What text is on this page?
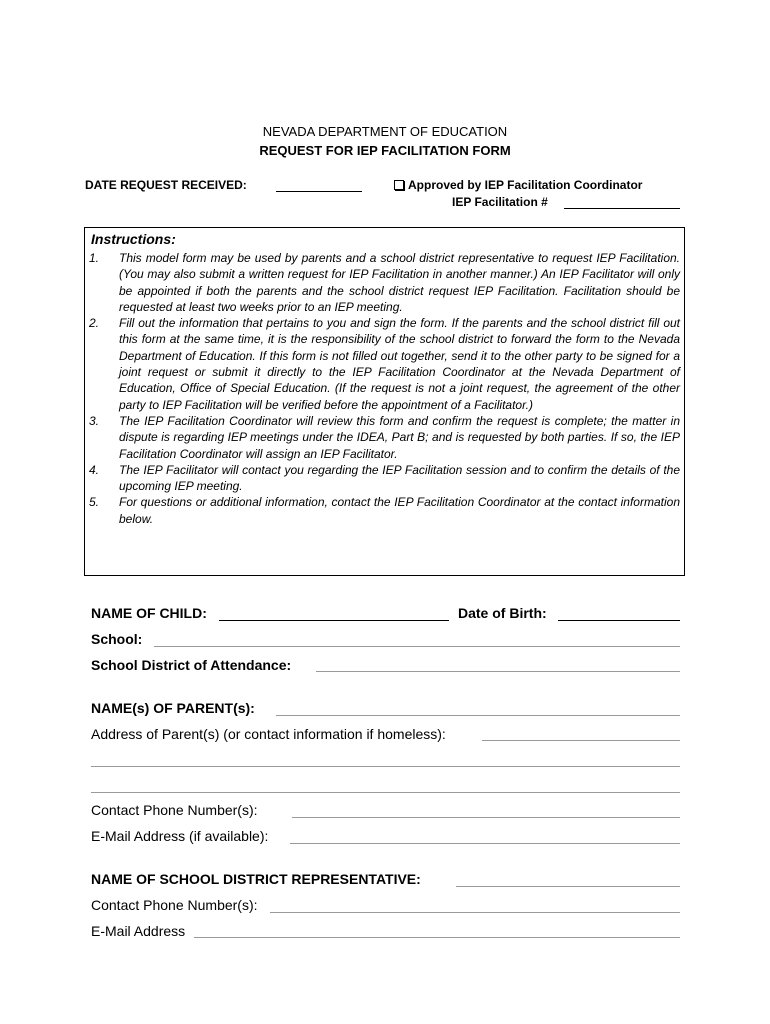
NEVADA DEPARTMENT OF EDUCATION
REQUEST FOR IEP FACILITATION FORM
DATE REQUEST RECEIVED:	Approved by IEP Facilitation Coordinator
IEP Facilitation #
Instructions:
1.	This model form may be used by parents and a school district representative to request IEP Facilitation. (You may also submit a written request for IEP Facilitation in another manner.) An IEP Facilitator will only be appointed if both the parents and the school district request IEP Facilitation. Facilitation should be requested at least two weeks prior to an IEP meeting.
2.	Fill out the information that pertains to you and sign the form. If the parents and the school district fill out this form at the same time, it is the responsibility of the school district to forward the form to the Nevada Department of Education. If this form is not filled out together, send it to the other party to be signed for a joint request or submit it directly to the IEP Facilitation Coordinator at the Nevada Department of Education, Office of Special Education. (If the request is not a joint request, the agreement of the other party to IEP Facilitation will be verified before the appointment of a Facilitator.)
3.	The IEP Facilitation Coordinator will review this form and confirm the request is complete; the matter in dispute is regarding IEP meetings under the IDEA, Part B; and is requested by both parties. If so, the IEP Facilitation Coordinator will assign an IEP Facilitator.
4.	The IEP Facilitator will contact you regarding the IEP Facilitation session and to confirm the details of the upcoming IEP meeting.
5.	For questions or additional information, contact the IEP Facilitation Coordinator at the contact information below.
NAME OF CHILD:	Date of Birth:
School:
School District of Attendance:
NAME(s) OF PARENT(s):
Address of Parent(s) (or contact information if homeless):
Contact Phone Number(s):
E-Mail Address (if available):
NAME OF SCHOOL DISTRICT REPRESENTATIVE:
Contact Phone Number(s):
E-Mail Address
